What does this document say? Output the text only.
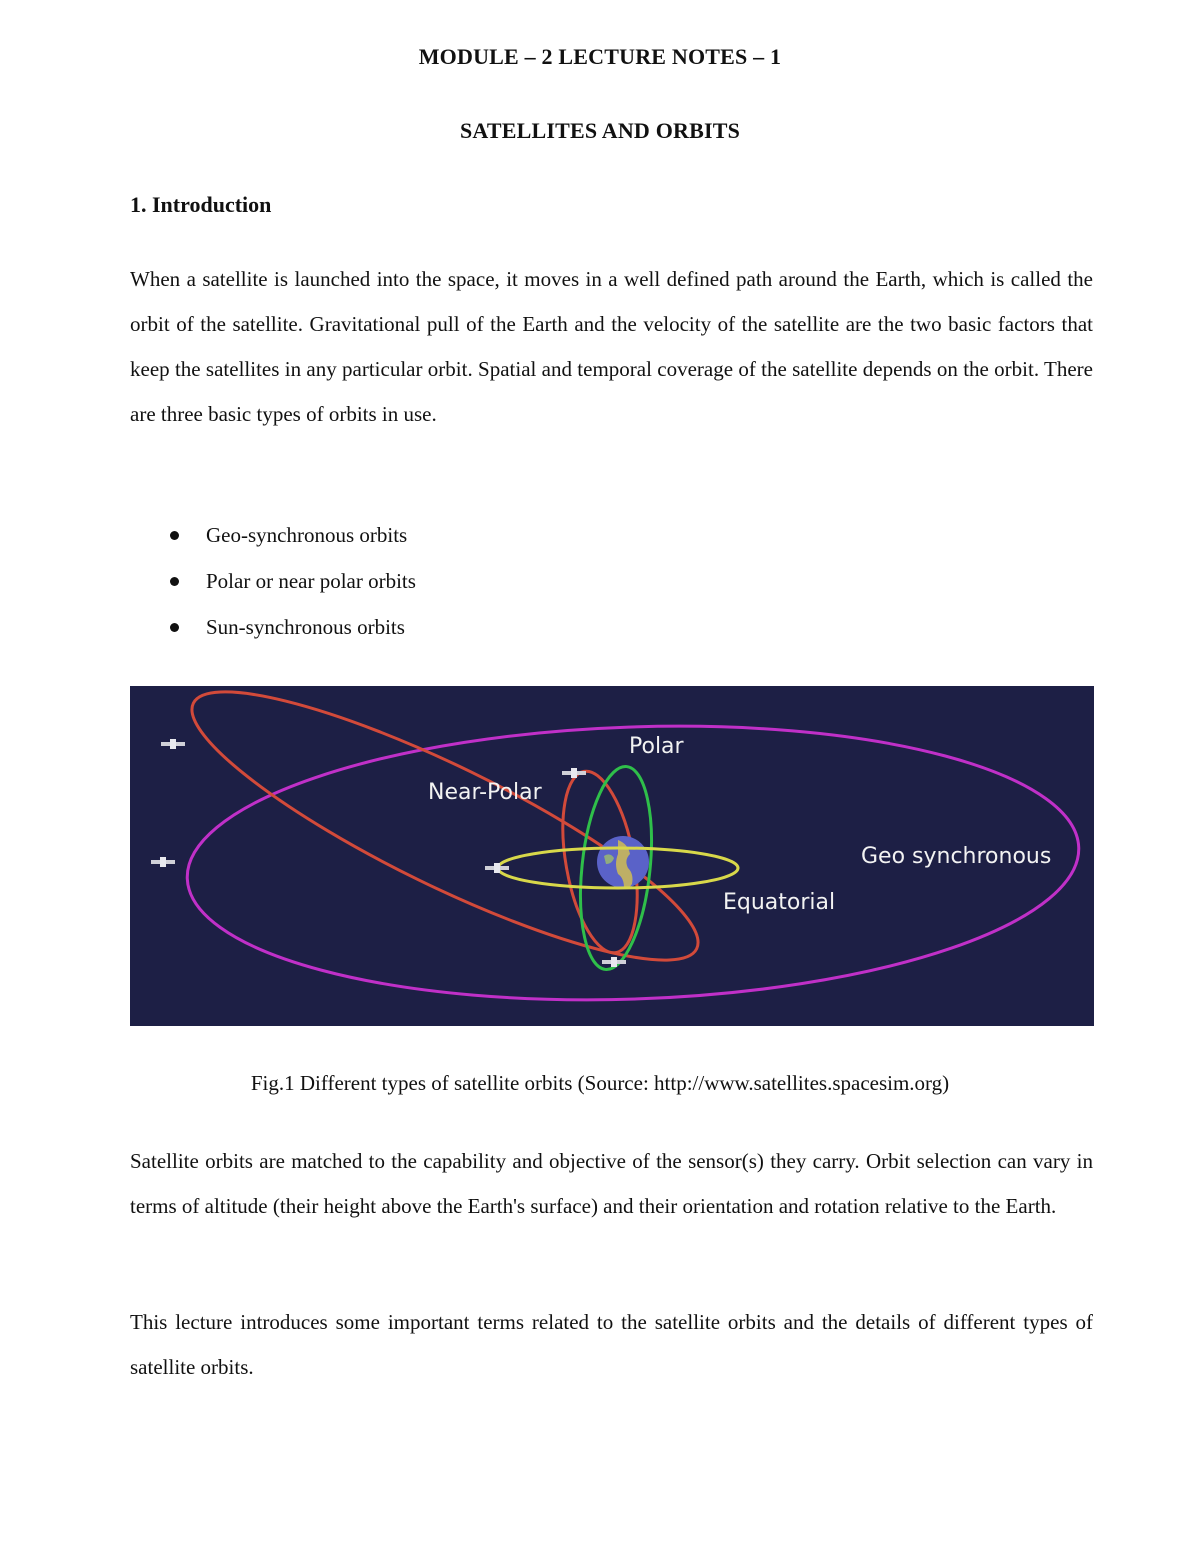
MODULE – 2 LECTURE NOTES – 1
SATELLITES AND ORBITS
1. Introduction

When a satellite is launched into the space, it moves in a well defined path around the Earth, which is called the orbit of the satellite. Gravitational pull of the Earth and the velocity of the satellite are the two basic factors that keep the satellites in any particular orbit. Spatial and temporal coverage of the satellite depends on the orbit. There are three basic types of orbits in use.

Geo-synchronous orbits
Polar or near polar orbits
Sun-synchronous orbits
Polar
Near-Polar
Geo synchronous
Equatorial
Fig.1 Different types of satellite orbits (Source: http://www.satellites.spacesim.org)

Satellite orbits are matched to the capability and objective of the sensor(s) they carry. Orbit selection can vary in terms of altitude (their height above the Earth's surface) and their orientation and rotation relative to the Earth.

This lecture introduces some important terms related to the satellite orbits and the details of different types of satellite orbits.
